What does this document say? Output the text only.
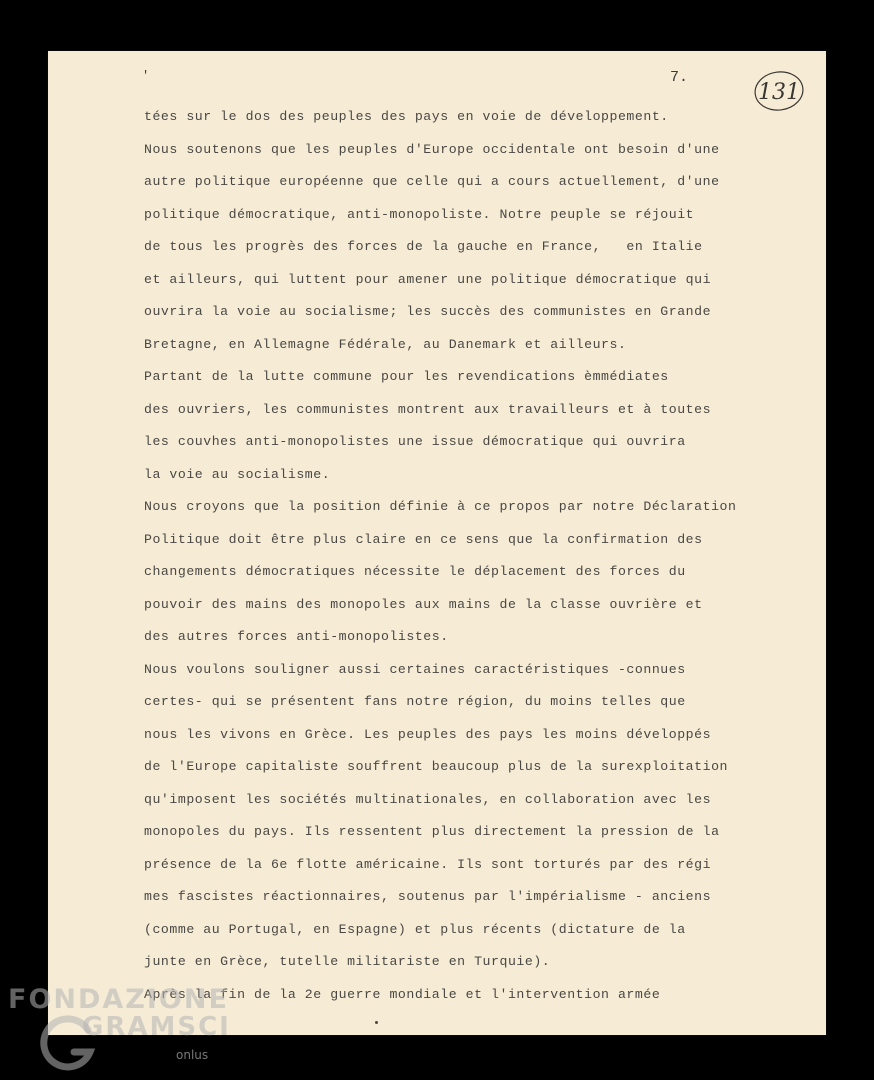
'	7.
131
tées sur le dos des peuples des pays en voie de développement.
Nous soutenons que les peuples d'Europe occidentale ont besoin d'une
autre politique européenne que celle qui a cours actuellement, d'une
politique démocratique, anti-monopoliste. Notre peuple se réjouit
de tous les progrès des forces de la gauche en France,   en Italie
et ailleurs, qui luttent pour amener une politique démocratique qui
ouvrira la voie au socialisme; les succès des communistes en Grande
Bretagne, en Allemagne Fédérale, au Danemark et ailleurs.
Partant de la lutte commune pour les revendications èmmédiates
des ouvriers, les communistes montrent aux travailleurs et à toutes
les couvhes anti-monopolistes une issue démocratique qui ouvrira
la voie au socialisme.
Nous croyons que la position définie à ce propos par notre Déclaration
Politique doit être plus claire en ce sens que la confirmation des
changements démocratiques nécessite le déplacement des forces du
pouvoir des mains des monopoles aux mains de la classe ouvrière et
des autres forces anti-monopolistes.
Nous voulons souligner aussi certaines caractéristiques -connues
certes- qui se présentent fans notre région, du moins telles que
nous les vivons en Grèce. Les peuples des pays les moins développés
de l'Europe capitaliste souffrent beaucoup plus de la surexploitation
qu'imposent les sociétés multinationales, en collaboration avec les
monopoles du pays. Ils ressentent plus directement la pression de la
présence de la 6e flotte américaine. Ils sont torturés par des régi
mes fascistes réactionnaires, soutenus par l'impérialisme - anciens
(comme au Portugal, en Espagne) et plus récents (dictature de la
junte en Grèce, tutelle militariste en Turquie).
Après la fin de la 2e guerre mondiale et l'intervention armée
FONDAZIONE
GRAMSCI
onlus
